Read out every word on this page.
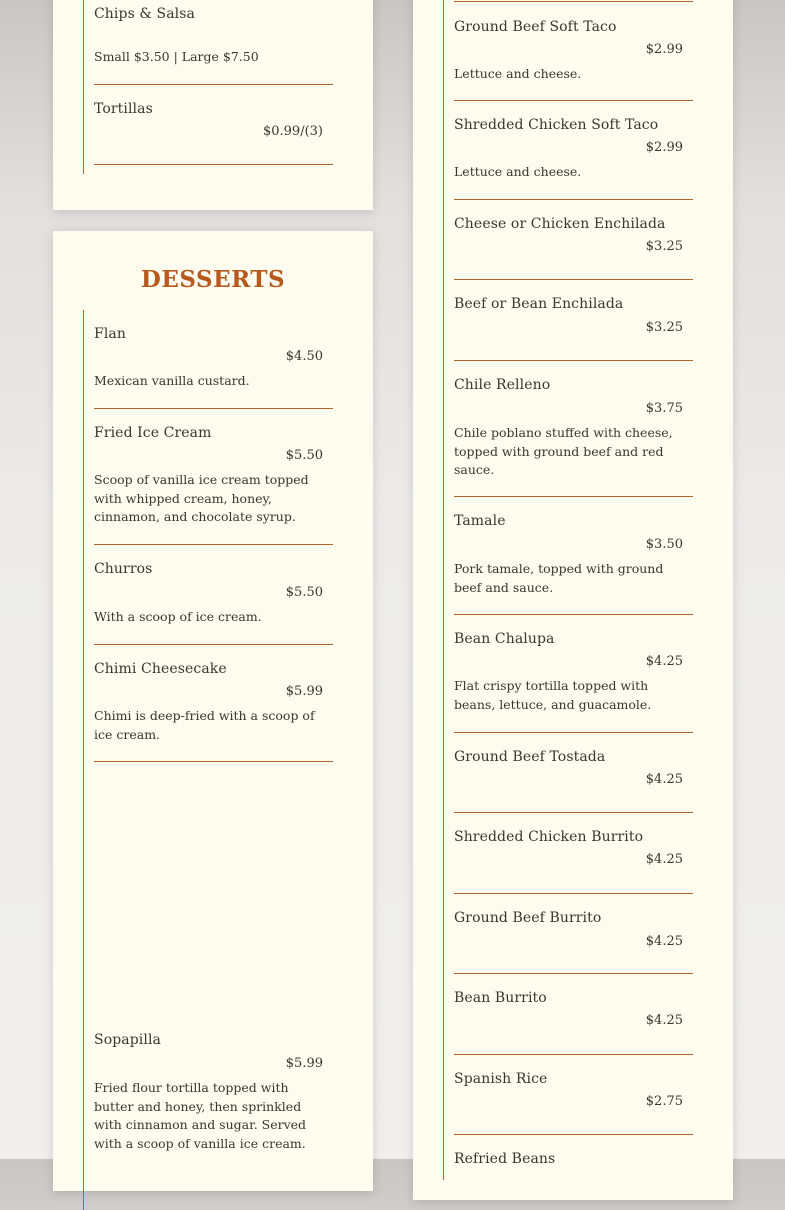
Chips & Salsa
Small $3.50 | Large $7.50
Tortillas
$0.99/(3)
DESSERTS
Flan
$4.50
Mexican vanilla custard.
Fried Ice Cream
$5.50
Scoop of vanilla ice cream topped with whipped cream, honey, cinnamon, and chocolate syrup.
Churros
$5.50
With a scoop of ice cream.
Chimi Cheesecake
$5.99
Chimi is deep-fried with a scoop of ice cream.
Sopapilla
$5.99
Fried flour tortilla topped with butter and honey, then sprinkled with cinnamon and sugar. Served with a scoop of vanilla ice cream.
Ground Beef Soft Taco
$2.99
Lettuce and cheese.
Shredded Chicken Soft Taco
$2.99
Lettuce and cheese.
Cheese or Chicken Enchilada
$3.25
Beef or Bean Enchilada
$3.25
Chile Relleno
$3.75
Chile poblano stuffed with cheese, topped with ground beef and red sauce.
Tamale
$3.50
Pork tamale, topped with ground beef and sauce.
Bean Chalupa
$4.25
Flat crispy tortilla topped with beans, lettuce, and guacamole.
Ground Beef Tostada
$4.25
Shredded Chicken Burrito
$4.25
Ground Beef Burrito
$4.25
Bean Burrito
$4.25
Spanish Rice
$2.75
Refried Beans
